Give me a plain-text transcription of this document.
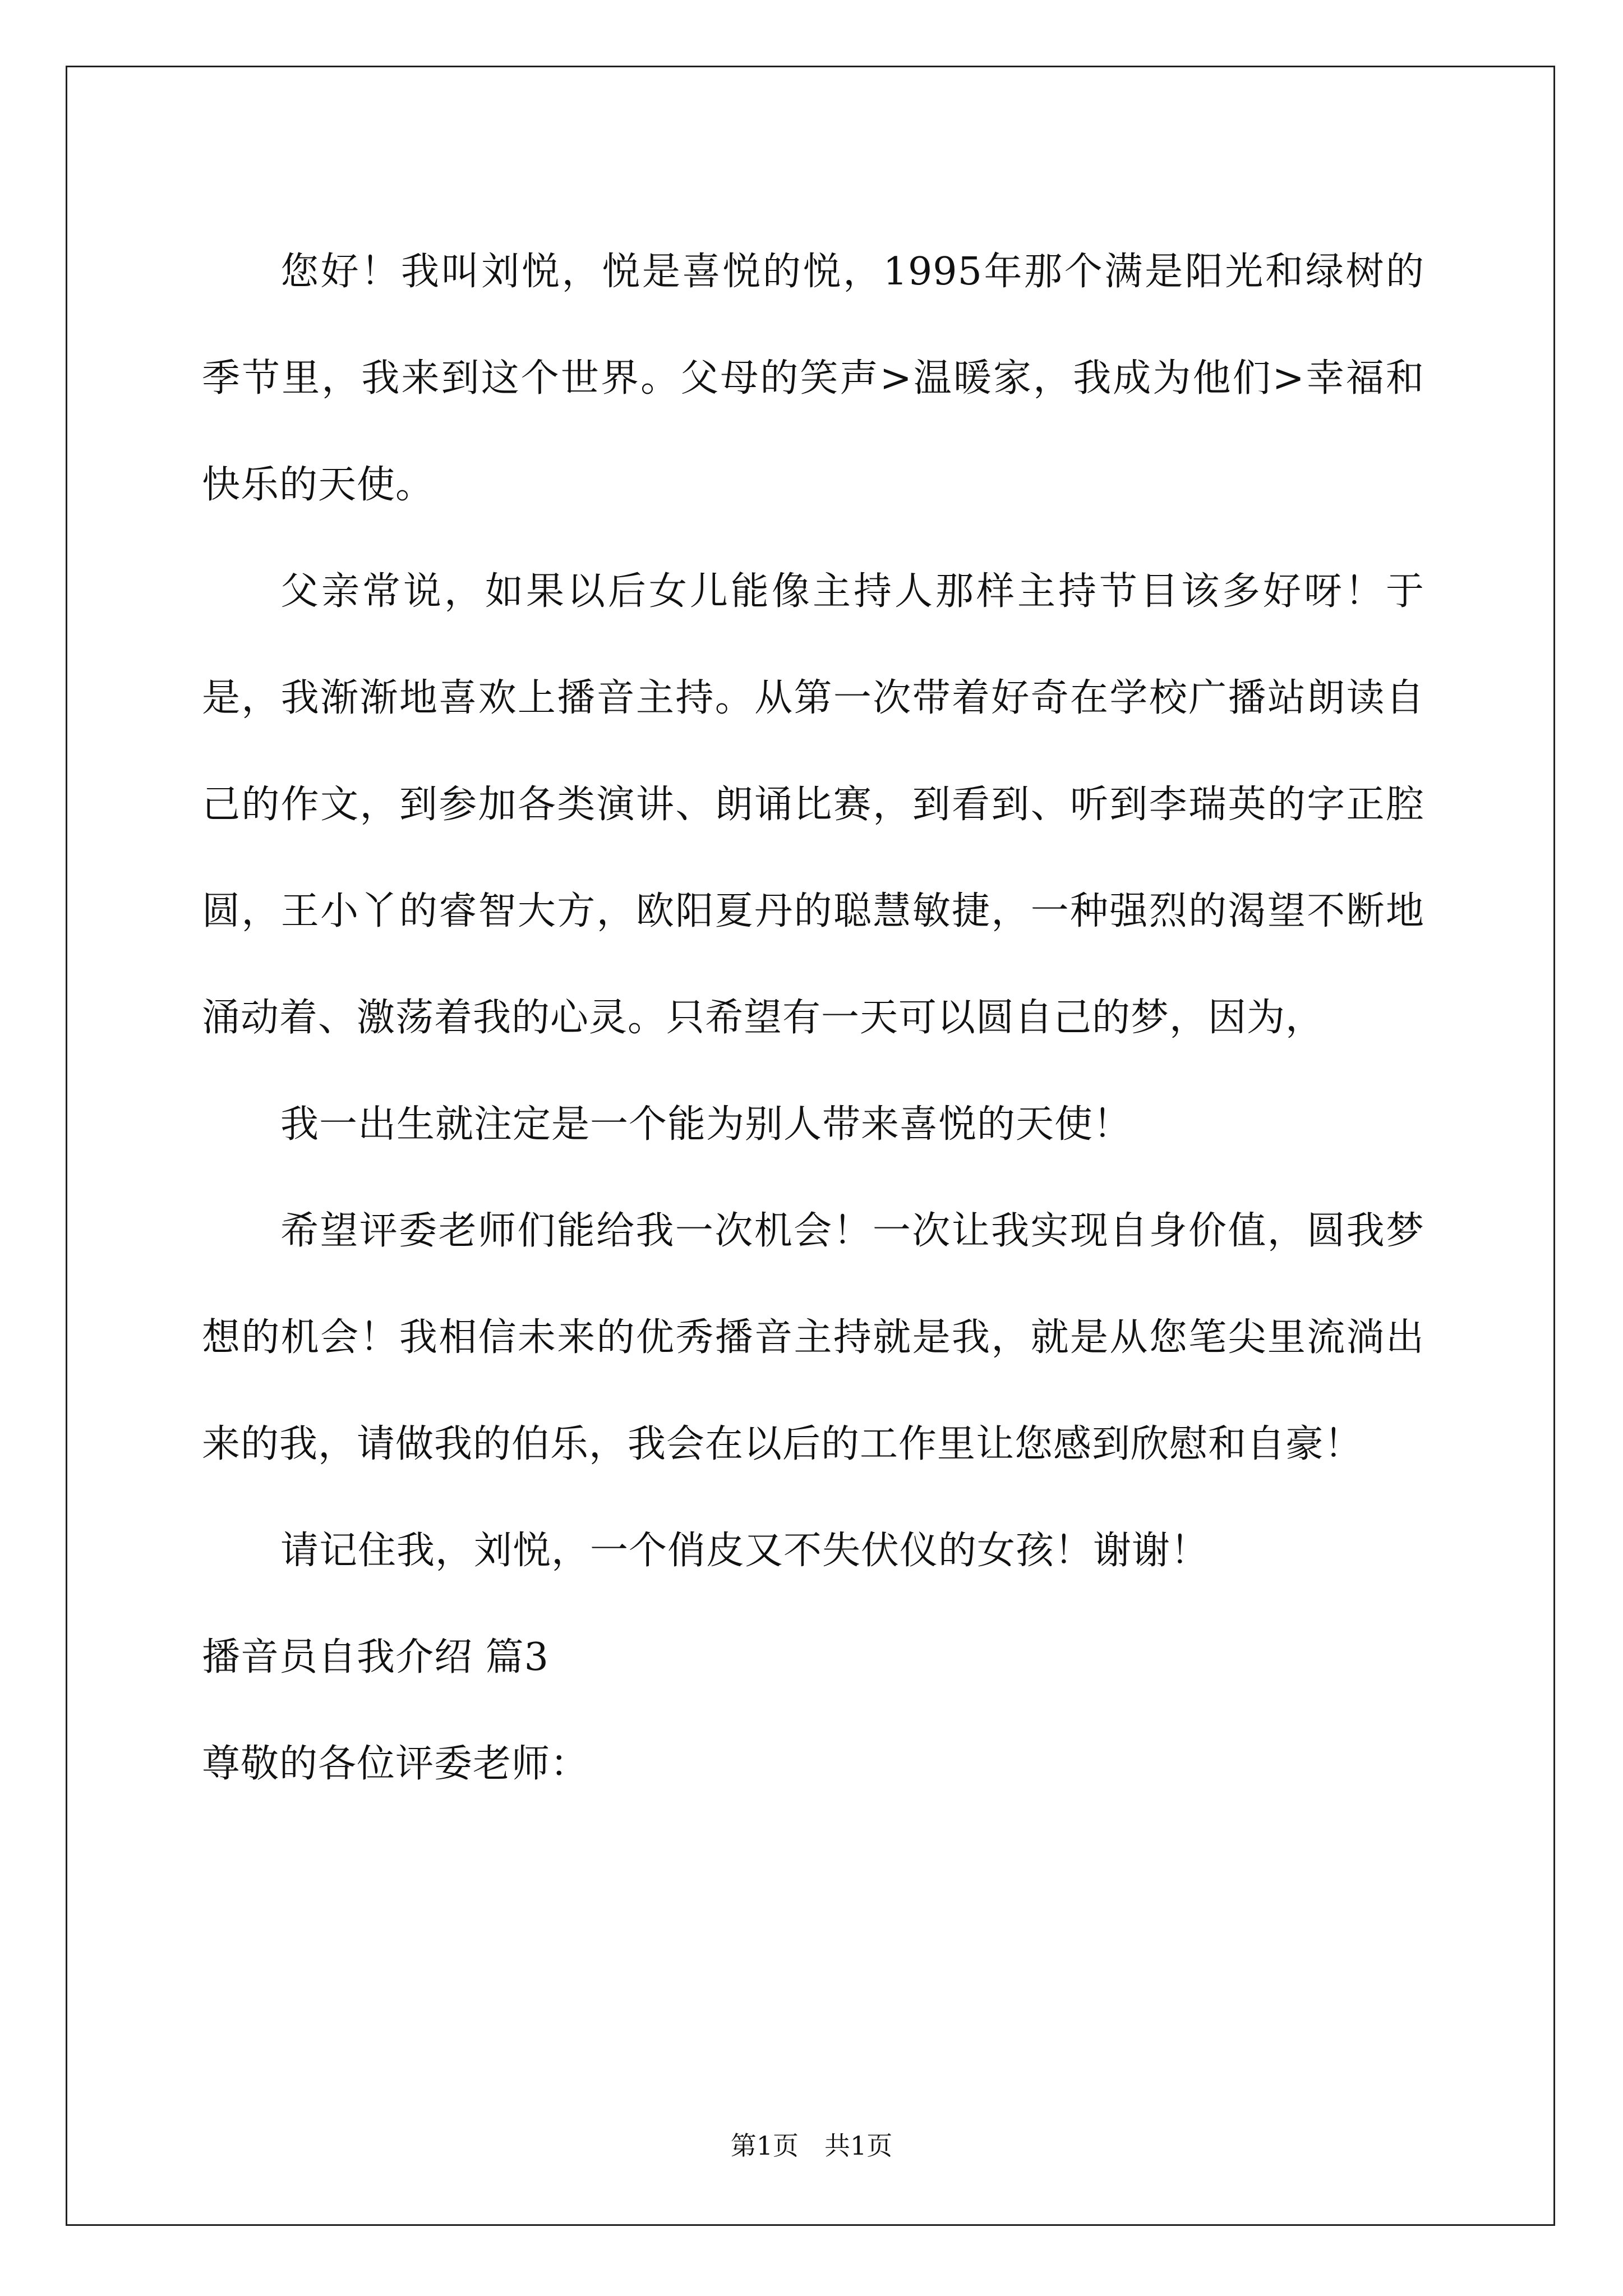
您好！我叫刘悦，悦是喜悦的悦，1995年那个满是阳光和绿树的季节里，我来到这个世界。父母的笑声>温暖家，我成为他们>幸福和快乐的天使。

父亲常说，如果以后女儿能像主持人那样主持节目该多好呀！于是，我渐渐地喜欢上播音主持。从第一次带着好奇在学校广播站朗读自己的作文，到参加各类演讲、朗诵比赛，到看到、听到李瑞英的字正腔圆，王小丫的睿智大方，欧阳夏丹的聪慧敏捷，一种强烈的渴望不断地涌动着、激荡着我的心灵。只希望有一天可以圆自己的梦，因为，

我一出生就注定是一个能为别人带来喜悦的天使！

希望评委老师们能给我一次机会！一次让我实现自身价值，圆我梦想的机会！我相信未来的优秀播音主持就是我，就是从您笔尖里流淌出来的我，请做我的伯乐，我会在以后的工作里让您感到欣慰和自豪！

请记住我，刘悦，一个俏皮又不失伏仪的女孩！谢谢！

播音员自我介绍 篇3

尊敬的各位评委老师：

第1页　共1页
